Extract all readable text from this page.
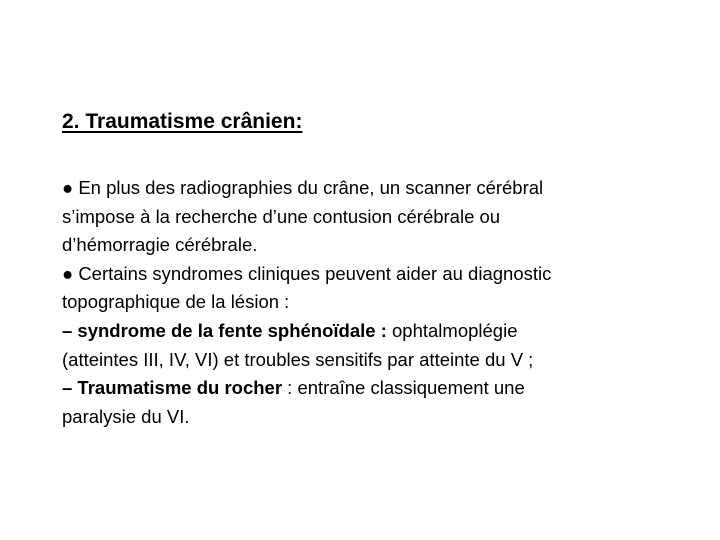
2. Traumatisme crânien:
● En plus des radiographies du crâne, un scanner cérébral
s’impose à la recherche d’une contusion cérébrale ou
d’hémorragie cérébrale.
● Certains syndromes cliniques peuvent aider au diagnostic
topographique de la lésion :
– syndrome de la fente sphénoïdale : ophtalmoplégie
(atteintes III, IV, VI) et troubles sensitifs par atteinte du V ;
– Traumatisme du rocher : entraîne classiquement une
paralysie du VI.
